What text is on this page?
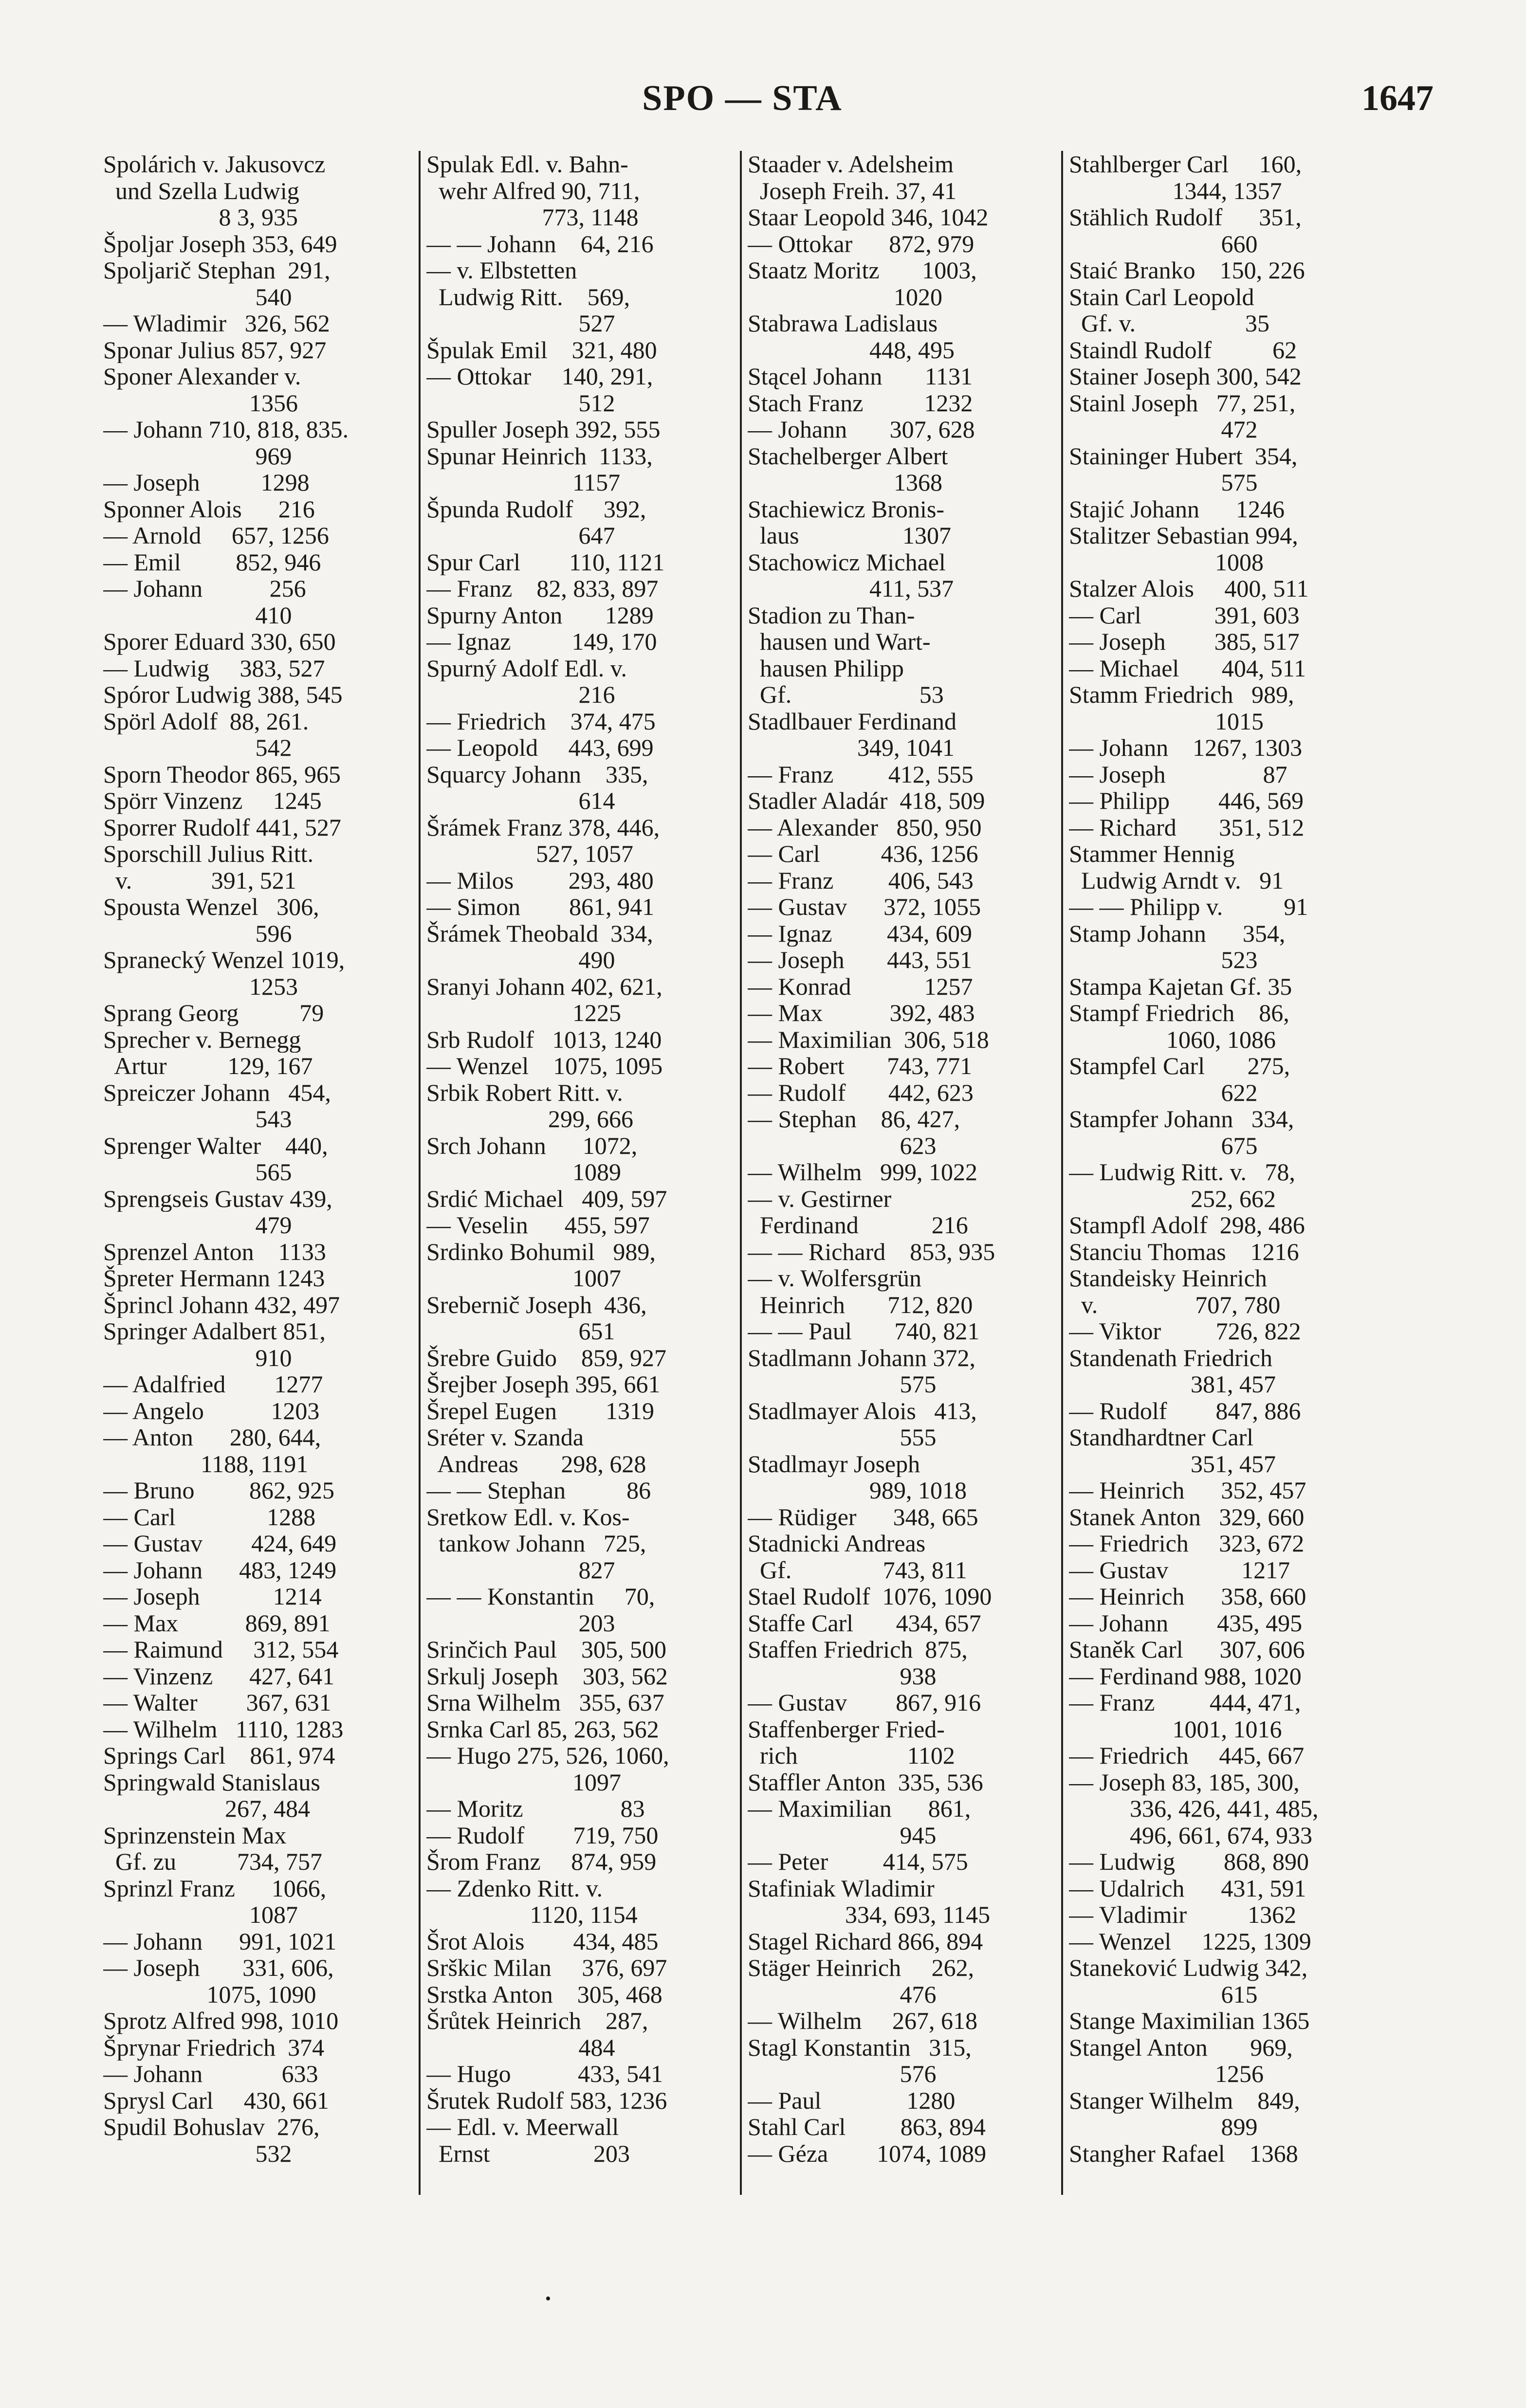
SPO — STA	1647
Spolárich v. Jakusovcz
und Szella Ludwig
8 3, 935
Špoljar Joseph 353, 649
Spoljarič Stephan  291,
540
— Wladimir   326, 562
Sponar Julius 857, 927
Sponer Alexander v.
1356
— Johann 710, 818, 835.
969
— Joseph          1298
Sponner Alois      216
— Arnold     657, 1256
— Emil         852, 946
— Johann           256
410
Sporer Eduard 330, 650
— Ludwig     383, 527
Spóror Ludwig 388, 545
Spörl Adolf  88, 261.
542
Sporn Theodor 865, 965
Spörr Vinzenz     1245
Sporrer Rudolf 441, 527
Sporschill Julius Ritt.
v.             391, 521
Spousta Wenzel   306,
596
Spranecký Wenzel 1019,
1253
Sprang Georg          79
Sprecher v. Bernegg
Artur          129, 167
Spreiczer Johann   454,
543
Sprenger Walter    440,
565
Sprengseis Gustav 439,
479
Sprenzel Anton    1133
Špreter Hermann 1243
Šprincl Johann 432, 497
Springer Adalbert 851,
910
— Adalfried        1277
— Angelo           1203
— Anton      280, 644,
1188, 1191
— Bruno         862, 925
— Carl               1288
— Gustav        424, 649
— Johann      483, 1249
— Joseph            1214
— Max           869, 891
— Raimund     312, 554
— Vinzenz      427, 641
— Walter        367, 631
— Wilhelm   1110, 1283
Springs Carl    861, 974
Springwald Stanislaus
267, 484
Sprinzenstein Max
Gf. zu          734, 757
Sprinzl Franz      1066,
1087
— Johann      991, 1021
— Joseph       331, 606,
1075, 1090
Sprotz Alfred 998, 1010
Šprynar Friedrich  374
— Johann             633
Sprysl Carl     430, 661
Spudil Bohuslav  276,
532
Spulak Edl. v. Bahn-
wehr Alfred 90, 711,
773, 1148
— — Johann    64, 216
— v. Elbstetten
Ludwig Ritt.    569,
527
Špulak Emil    321, 480
— Ottokar     140, 291,
512
Spuller Joseph 392, 555
Spunar Heinrich  1133,
1157
Špunda Rudolf     392,
647
Spur Carl        110, 1121
— Franz    82, 833, 897
Spurny Anton       1289
— Ignaz          149, 170
Spurný Adolf Edl. v.
216
— Friedrich    374, 475
— Leopold     443, 699
Squarcy Johann    335,
614
Šrámek Franz 378, 446,
527, 1057
— Milos         293, 480
— Simon        861, 941
Šrámek Theobald  334,
490
Sranyi Johann 402, 621,
1225
Srb Rudolf   1013, 1240
— Wenzel    1075, 1095
Srbik Robert Ritt. v.
299, 666
Srch Johann      1072,
1089
Srdić Michael   409, 597
— Veselin      455, 597
Srdinko Bohumil   989,
1007
Srebernič Joseph  436,
651
Šrebre Guido    859, 927
Šrejber Joseph 395, 661
Šrepel Eugen        1319
Sréter v. Szanda
Andreas       298, 628
— — Stephan          86
Sretkow Edl. v. Kos-
tankow Johann   725,
827
— — Konstantin     70,
203
Srinčich Paul    305, 500
Srkulj Joseph    303, 562
Srna Wilhelm   355, 637
Srnka Carl 85, 263, 562
— Hugo 275, 526, 1060,
1097
— Moritz                83
— Rudolf        719, 750
Šrom Franz     874, 959
— Zdenko Ritt. v.
1120, 1154
Šrot Alois        434, 485
Srškic Milan     376, 697
Srstka Anton    305, 468
Šrůtek Heinrich    287,
484
— Hugo           433, 541
Šrutek Rudolf 583, 1236
— Edl. v. Meerwall
Ernst                 203
Staader v. Adelsheim
Joseph Freih. 37, 41
Staar Leopold 346, 1042
— Ottokar      872, 979
Staatz Moritz       1003,
1020
Stabrawa Ladislaus
448, 495
Stącel Johann       1131
Stach Franz          1232
— Johann       307, 628
Stachelberger Albert
1368
Stachiewicz Bronis-
laus                 1307
Stachowicz Michael
411, 537
Stadion zu Than-
hausen und Wart-
hausen Philipp
Gf.                     53
Stadlbauer Ferdinand
349, 1041
— Franz         412, 555
Stadler Aladár  418, 509
— Alexander   850, 950
— Carl          436, 1256
— Franz         406, 543
— Gustav      372, 1055
— Ignaz         434, 609
— Joseph       443, 551
— Konrad            1257
— Max           392, 483
— Maximilian  306, 518
— Robert       743, 771
— Rudolf       442, 623
— Stephan    86, 427,
623
— Wilhelm   999, 1022
— v. Gestirner
Ferdinand            216
— — Richard    853, 935
— v. Wolfersgrün
Heinrich       712, 820
— — Paul       740, 821
Stadlmann Johann 372,
575
Stadlmayer Alois   413,
555
Stadlmayr Joseph
989, 1018
— Rüdiger      348, 665
Stadnicki Andreas
Gf.               743, 811
Stael Rudolf  1076, 1090
Staffe Carl       434, 657
Staffen Friedrich  875,
938
— Gustav        867, 916
Staffenberger Fried-
rich                  1102
Staffler Anton  335, 536
— Maximilian      861,
945
— Peter         414, 575
Stafiniak Wladimir
334, 693, 1145
Stagel Richard 866, 894
Stäger Heinrich     262,
476
— Wilhelm     267, 618
Stagl Konstantin   315,
576
— Paul              1280
Stahl Carl         863, 894
— Géza        1074, 1089
Stahlberger Carl     160,
1344, 1357
Stählich Rudolf      351,
660
Staić Branko    150, 226
Stain Carl Leopold
Gf. v.                  35
Staindl Rudolf          62
Stainer Joseph 300, 542
Stainl Joseph   77, 251,
472
Staininger Hubert  354,
575
Stajić Johann      1246
Stalitzer Sebastian 994,
1008
Stalzer Alois     400, 511
— Carl            391, 603
— Joseph        385, 517
— Michael       404, 511
Stamm Friedrich   989,
1015
— Johann    1267, 1303
— Joseph                87
— Philipp        446, 569
— Richard       351, 512
Stammer Hennig
Ludwig Arndt v.   91
— — Philipp v.          91
Stamp Johann      354,
523
Stampa Kajetan Gf. 35
Stampf Friedrich    86,
1060, 1086
Stampfel Carl       275,
622
Stampfer Johann   334,
675
— Ludwig Ritt. v.   78,
252, 662
Stampfl Adolf  298, 486
Stanciu Thomas    1216
Standeisky Heinrich
v.                707, 780
— Viktor         726, 822
Standenath Friedrich
381, 457
— Rudolf        847, 886
Standhardtner Carl
351, 457
— Heinrich      352, 457
Stanek Anton   329, 660
— Friedrich     323, 672
— Gustav            1217
— Heinrich      358, 660
— Johann        435, 495
Staněk Carl      307, 606
— Ferdinand 988, 1020
— Franz         444, 471,
1001, 1016
— Friedrich     445, 667
— Joseph 83, 185, 300,
336, 426, 441, 485,
496, 661, 674, 933
— Ludwig        868, 890
— Udalrich      431, 591
— Vladimir          1362
— Wenzel     1225, 1309
Staneković Ludwig 342,
615
Stange Maximilian 1365
Stangel Anton       969,
1256
Stanger Wilhelm    849,
899
Stangher Rafael    1368
•
